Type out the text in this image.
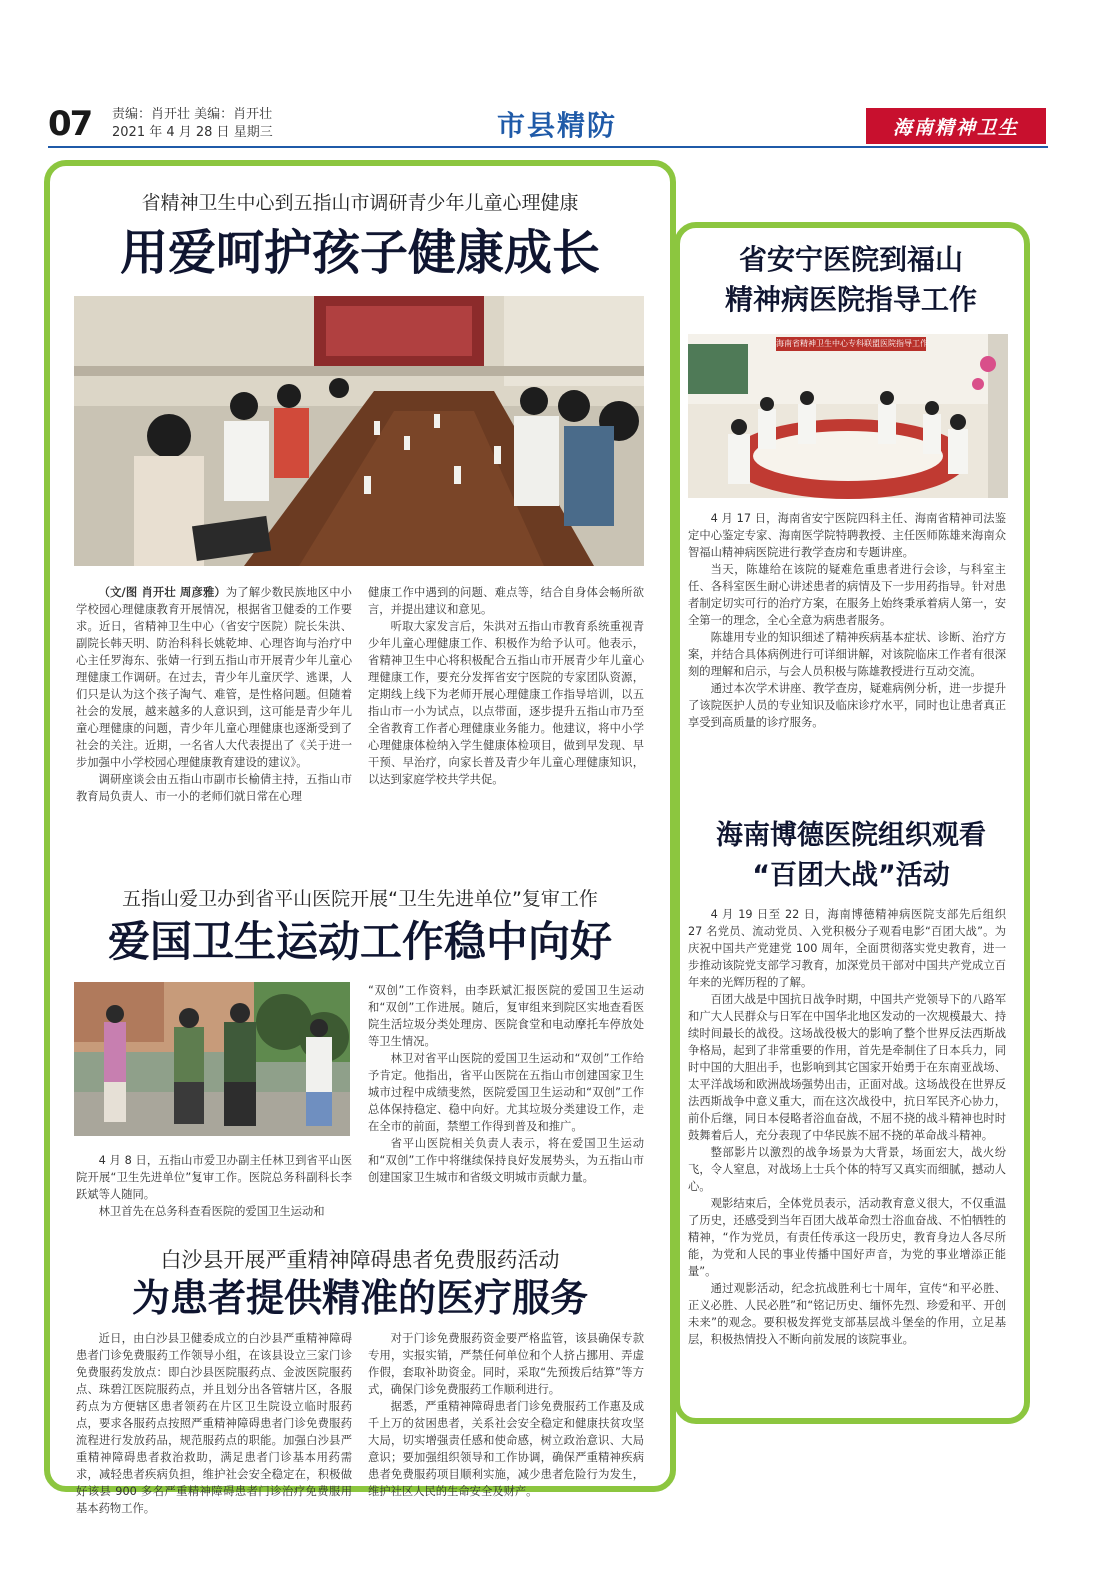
07 责编：肖开壮 美编：肖开壮
2021 年 4 月 28 日 星期三	市县精防	海南精神卫生
省精神卫生中心到五指山市调研青少年儿童心理健康
用爱呵护孩子健康成长

（文/图 肖开壮 周彦雅）为了解少数民族地区中小学校园心理健康教育开展情况，根据省卫健委的工作要求。近日，省精神卫生中心（省安宁医院）院长朱洪、副院长韩天明、防治科科长姚乾坤、心理咨询与治疗中心主任罗海东、张婧一行到五指山市开展青少年儿童心理健康工作调研。在过去，青少年儿童厌学、逃课，人们只是认为这个孩子淘气、难管，是性格问题。但随着社会的发展，越来越多的人意识到，这可能是青少年儿童心理健康的问题，青少年儿童心理健康也逐渐受到了社会的关注。近期，一名省人大代表提出了《关于进一步加强中小学校园心理健康教育建设的建议》。

调研座谈会由五指山市副市长榆倩主持，五指山市教育局负责人、市一小的老师们就日常在心理

健康工作中遇到的问题、难点等，结合自身体会畅所欲言，并提出建议和意见。

听取大家发言后，朱洪对五指山市教育系统重视青少年儿童心理健康工作、积极作为给予认可。他表示，省精神卫生中心将积极配合五指山市开展青少年儿童心理健康工作，要充分发挥省安宁医院的专家团队资源，定期线上线下为老师开展心理健康工作指导培训，以五指山市一小为试点，以点带面，逐步提升五指山市乃至全省教育工作者心理健康业务能力。他建议，将中小学心理健康体检纳入学生健康体检项目，做到早发现、早干预、早治疗，向家长普及青少年儿童心理健康知识，以达到家庭学校共学共促。

五指山爱卫办到省平山医院开展“卫生先进单位”复审工作
爱国卫生运动工作稳中向好

4 月 8 日，五指山市爱卫办副主任林卫到省平山医院开展“卫生先进单位”复审工作。医院总务科副科长李跃斌等人随同。

林卫首先在总务科查看医院的爱国卫生运动和

“双创”工作资料，由李跃斌汇报医院的爱国卫生运动和“双创”工作进展。随后，复审组来到院区实地查看医院生活垃圾分类处理房、医院食堂和电动摩托车停放处等卫生情况。

林卫对省平山医院的爱国卫生运动和“双创”工作给予肯定。他指出，省平山医院在五指山市创建国家卫生城市过程中成绩斐然，医院爱国卫生运动和“双创”工作总体保持稳定、稳中向好。尤其垃圾分类建设工作，走在全市的前面，禁塑工作得到普及和推广。

省平山医院相关负责人表示，将在爱国卫生运动和“双创”工作中将继续保持良好发展势头，为五指山市创建国家卫生城市和省级文明城市贡献力量。

白沙县开展严重精神障碍患者免费服药活动
为患者提供精准的医疗服务

近日，由白沙县卫健委成立的白沙县严重精神障碍患者门诊免费服药工作领导小组，在该县设立三家门诊免费服药发放点：即白沙县医院服药点、金波医院服药点、珠碧江医院服药点，并且划分出各管辖片区，各服药点为方便辖区患者领药在片区卫生院设立临时服药点，要求各服药点按照严重精神障碍患者门诊免费服药流程进行发放药品，规范服药点的职能。加强白沙县严重精神障碍患者救治救助，满足患者门诊基本用药需求，减轻患者疾病负担，维护社会安全稳定在，积极做好该县 900 多名严重精神障碍患者门诊治疗免费服用基本药物工作。

对于门诊免费服药资金要严格监管，该县确保专款专用，实报实销，严禁任何单位和个人挤占挪用、弄虚作假，套取补助资金。同时，采取“先预拨后结算”等方式，确保门诊免费服药工作顺利进行。

据悉，严重精神障碍患者门诊免费服药工作惠及成千上万的贫困患者，关系社会安全稳定和健康扶贫攻坚大局，切实增强责任感和使命感，树立政治意识、大局意识；要加强组织领导和工作协调，确保严重精神疾病患者免费服药项目顺利实施，减少患者危险行为发生，维护社区人民的生命安全及财产。

省安宁医院到福山
精神病医院指导工作
海南省精神卫生中心专科联盟医院指导工作

4 月 17 日，海南省安宁医院四科主任、海南省精神司法鉴定中心鉴定专家、海南医学院特聘教授、主任医师陈雄来海南众智福山精神病医院进行教学查房和专题讲座。

当天，陈雄给在该院的疑难危重患者进行会诊，与科室主任、各科室医生耐心讲述患者的病情及下一步用药指导。针对患者制定切实可行的治疗方案，在服务上始终秉承着病人第一，安全第一的理念，全心全意为病患者服务。

陈雄用专业的知识细述了精神疾病基本症状、诊断、治疗方案，并结合具体病例进行可详细讲解，对该院临床工作者有很深刻的理解和启示，与会人员积极与陈雄教授进行互动交流。

通过本次学术讲座、教学查房，疑难病例分析，进一步提升了该院医护人员的专业知识及临床诊疗水平，同时也让患者真正享受到高质量的诊疗服务。

海南博德医院组织观看
“百团大战”活动

4 月 19 日至 22 日，海南博德精神病医院支部先后组织 27 名党员、流动党员、入党积极分子观看电影“百团大战”。为庆祝中国共产党建党 100 周年，全面贯彻落实党史教育，进一步推动该院党支部学习教育，加深党员干部对中国共产党成立百年来的光辉历程的了解。

百团大战是中国抗日战争时期，中国共产党领导下的八路军和广大人民群众与日军在中国华北地区发动的一次规模最大、持续时间最长的战役。这场战役极大的影响了整个世界反法西斯战争格局，起到了非常重要的作用，首先是牵制住了日本兵力，同时中国的大胆出手，也影响到其它国家开始勇于在东南亚战场、太平洋战场和欧洲战场强势出击，正面对战。这场战役在世界反法西斯战争中意义重大，而在这次战役中，抗日军民齐心协力，前仆后继，同日本侵略者浴血奋战，不屈不挠的战斗精神也时时鼓舞着后人，充分表现了中华民族不屈不挠的革命战斗精神。

整部影片以激烈的战争场景为大背景，场面宏大，战火纷飞，令人窒息，对战场上士兵个体的特写又真实而细腻，撼动人心。

观影结束后，全体党员表示，活动教育意义很大，不仅重温了历史，还感受到当年百团大战革命烈士浴血奋战、不怕牺牲的精神，“作为党员，有责任传承这一段历史，教育身边人各尽所能，为党和人民的事业传播中国好声音，为党的事业增添正能量”。

通过观影活动，纪念抗战胜利七十周年，宣传“和平必胜、正义必胜、人民必胜”和“铭记历史、缅怀先烈、珍爱和平、开创未来”的观念。要积极发挥党支部基层战斗堡垒的作用，立足基层，积极热情投入不断向前发展的该院事业。
